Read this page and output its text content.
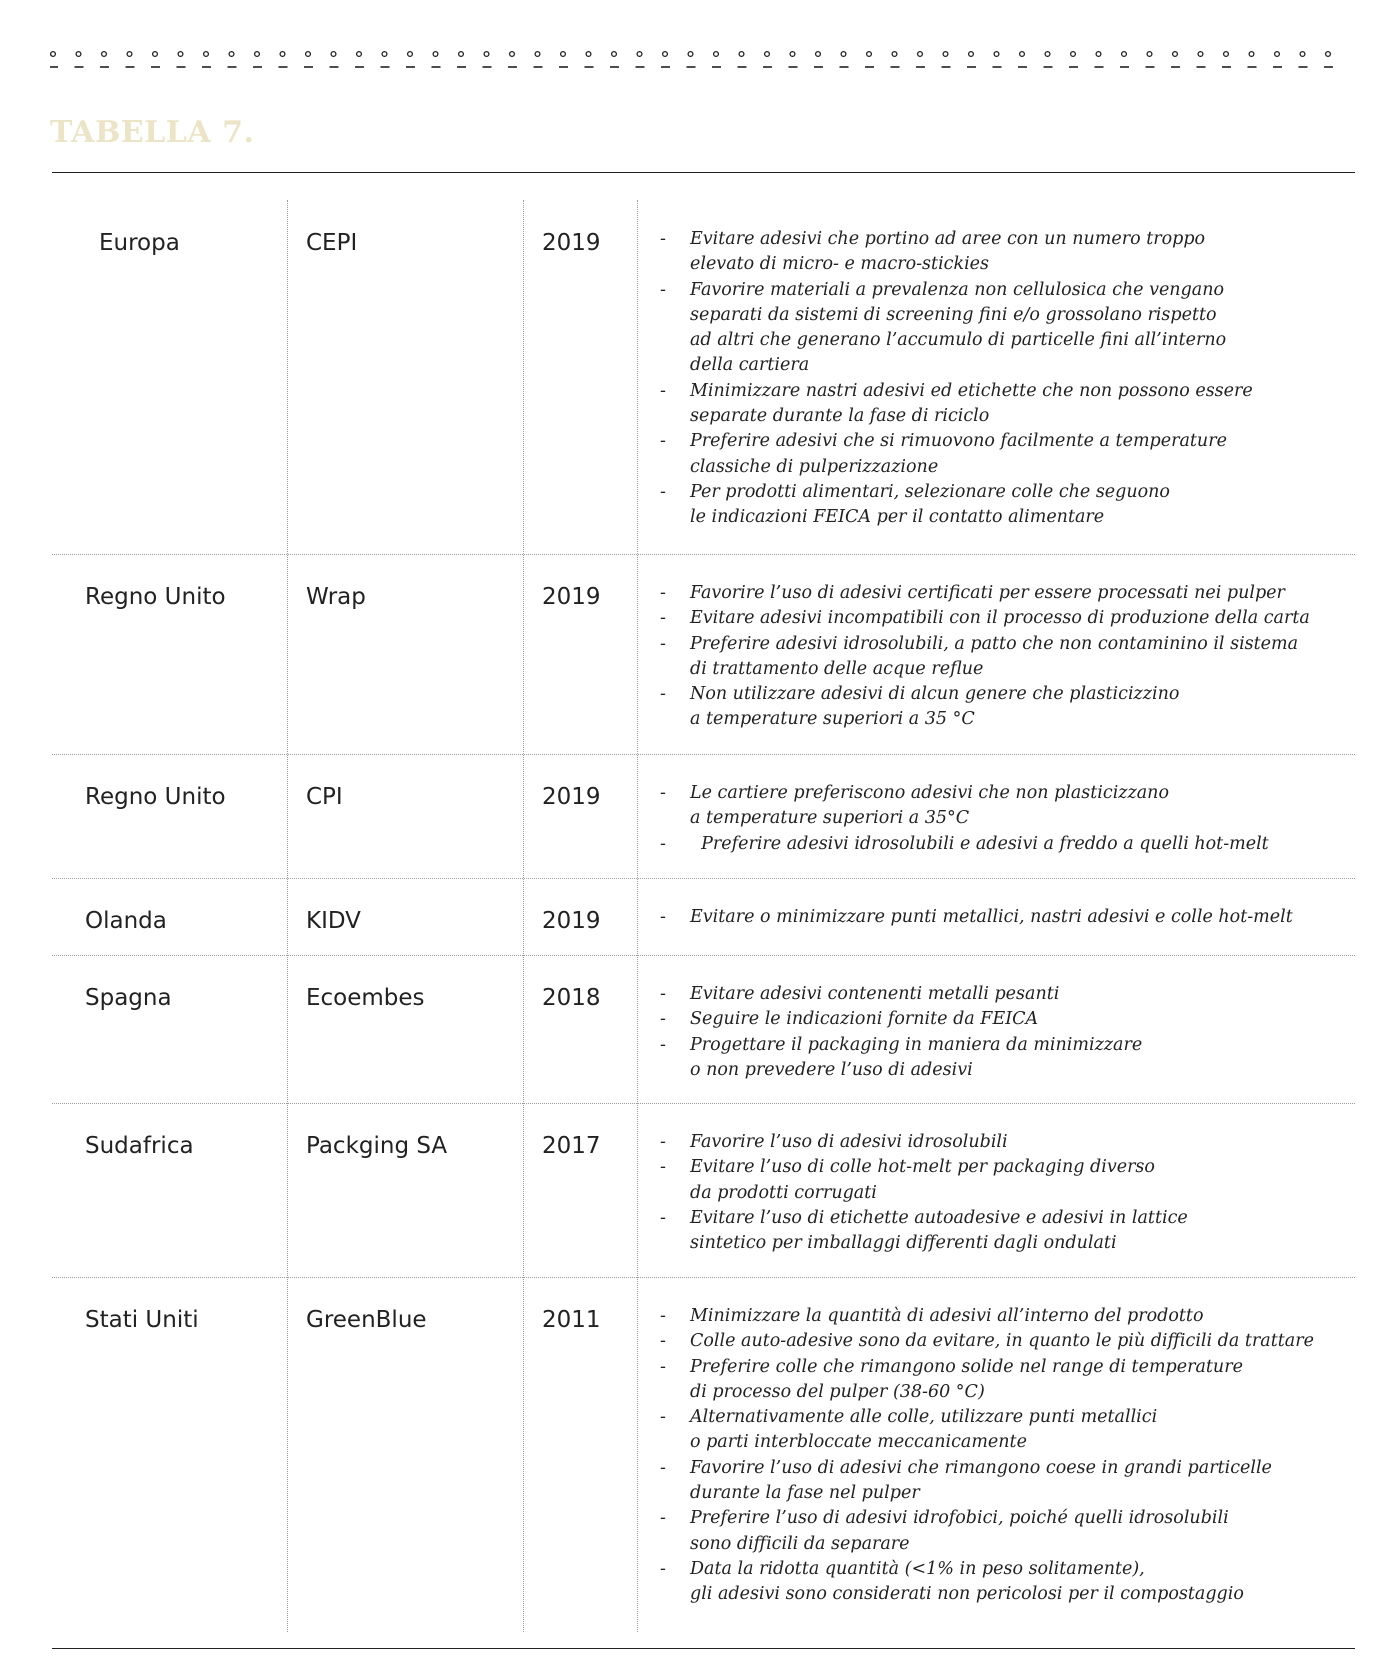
TABELLA 7.
Europa	CEPI	2019	- Evitare adesivi che portino ad aree con un numero troppo
elevato di micro- e macro-stickies
- Favorire materiali a prevalenza non cellulosica che vengano
separati da sistemi di screening fini e/o grossolano rispetto
ad altri che generano l’accumulo di particelle fini all’interno
della cartiera
- Minimizzare nastri adesivi ed etichette che non possono essere
separate durante la fase di riciclo
- Preferire adesivi che si rimuovono facilmente a temperature
classiche di pulperizzazione
- Per prodotti alimentari, selezionare colle che seguono
le indicazioni FEICA per il contatto alimentare
Regno Unito	Wrap	2019	- Favorire l’uso di adesivi certificati per essere processati nei pulper
- Evitare adesivi incompatibili con il processo di produzione della carta
- Preferire adesivi idrosolubili, a patto che non contaminino il sistema
di trattamento delle acque reflue
- Non utilizzare adesivi di alcun genere che plasticizzino
a temperature superiori a 35 °C
Regno Unito	CPI	2019	- Le cartiere preferiscono adesivi che non plasticizzano
a temperature superiori a 35°C
-   Preferire adesivi idrosolubili e adesivi a freddo a quelli hot-melt
Olanda	KIDV	2019	- Evitare o minimizzare punti metallici, nastri adesivi e colle hot-melt
Spagna	Ecoembes	2018	- Evitare adesivi contenenti metalli pesanti
- Seguire le indicazioni fornite da FEICA
- Progettare il packaging in maniera da minimizzare
o non prevedere l’uso di adesivi
Sudafrica	Packging SA	2017	- Favorire l’uso di adesivi idrosolubili
- Evitare l’uso di colle hot-melt per packaging diverso
da prodotti corrugati
- Evitare l’uso di etichette autoadesive e adesivi in lattice
sintetico per imballaggi differenti dagli ondulati
Stati Uniti	GreenBlue	2011	- Minimizzare la quantità di adesivi all’interno del prodotto
- Colle auto-adesive sono da evitare, in quanto le più difficili da trattare
- Preferire colle che rimangono solide nel range di temperature
di processo del pulper (38-60 °C)
- Alternativamente alle colle, utilizzare punti metallici
o parti interbloccate meccanicamente
- Favorire l’uso di adesivi che rimangono coese in grandi particelle
durante la fase nel pulper
- Preferire l’uso di adesivi idrofobici, poiché quelli idrosolubili
sono difficili da separare
- Data la ridotta quantità (<1% in peso solitamente),
gli adesivi sono considerati non pericolosi per il compostaggio
